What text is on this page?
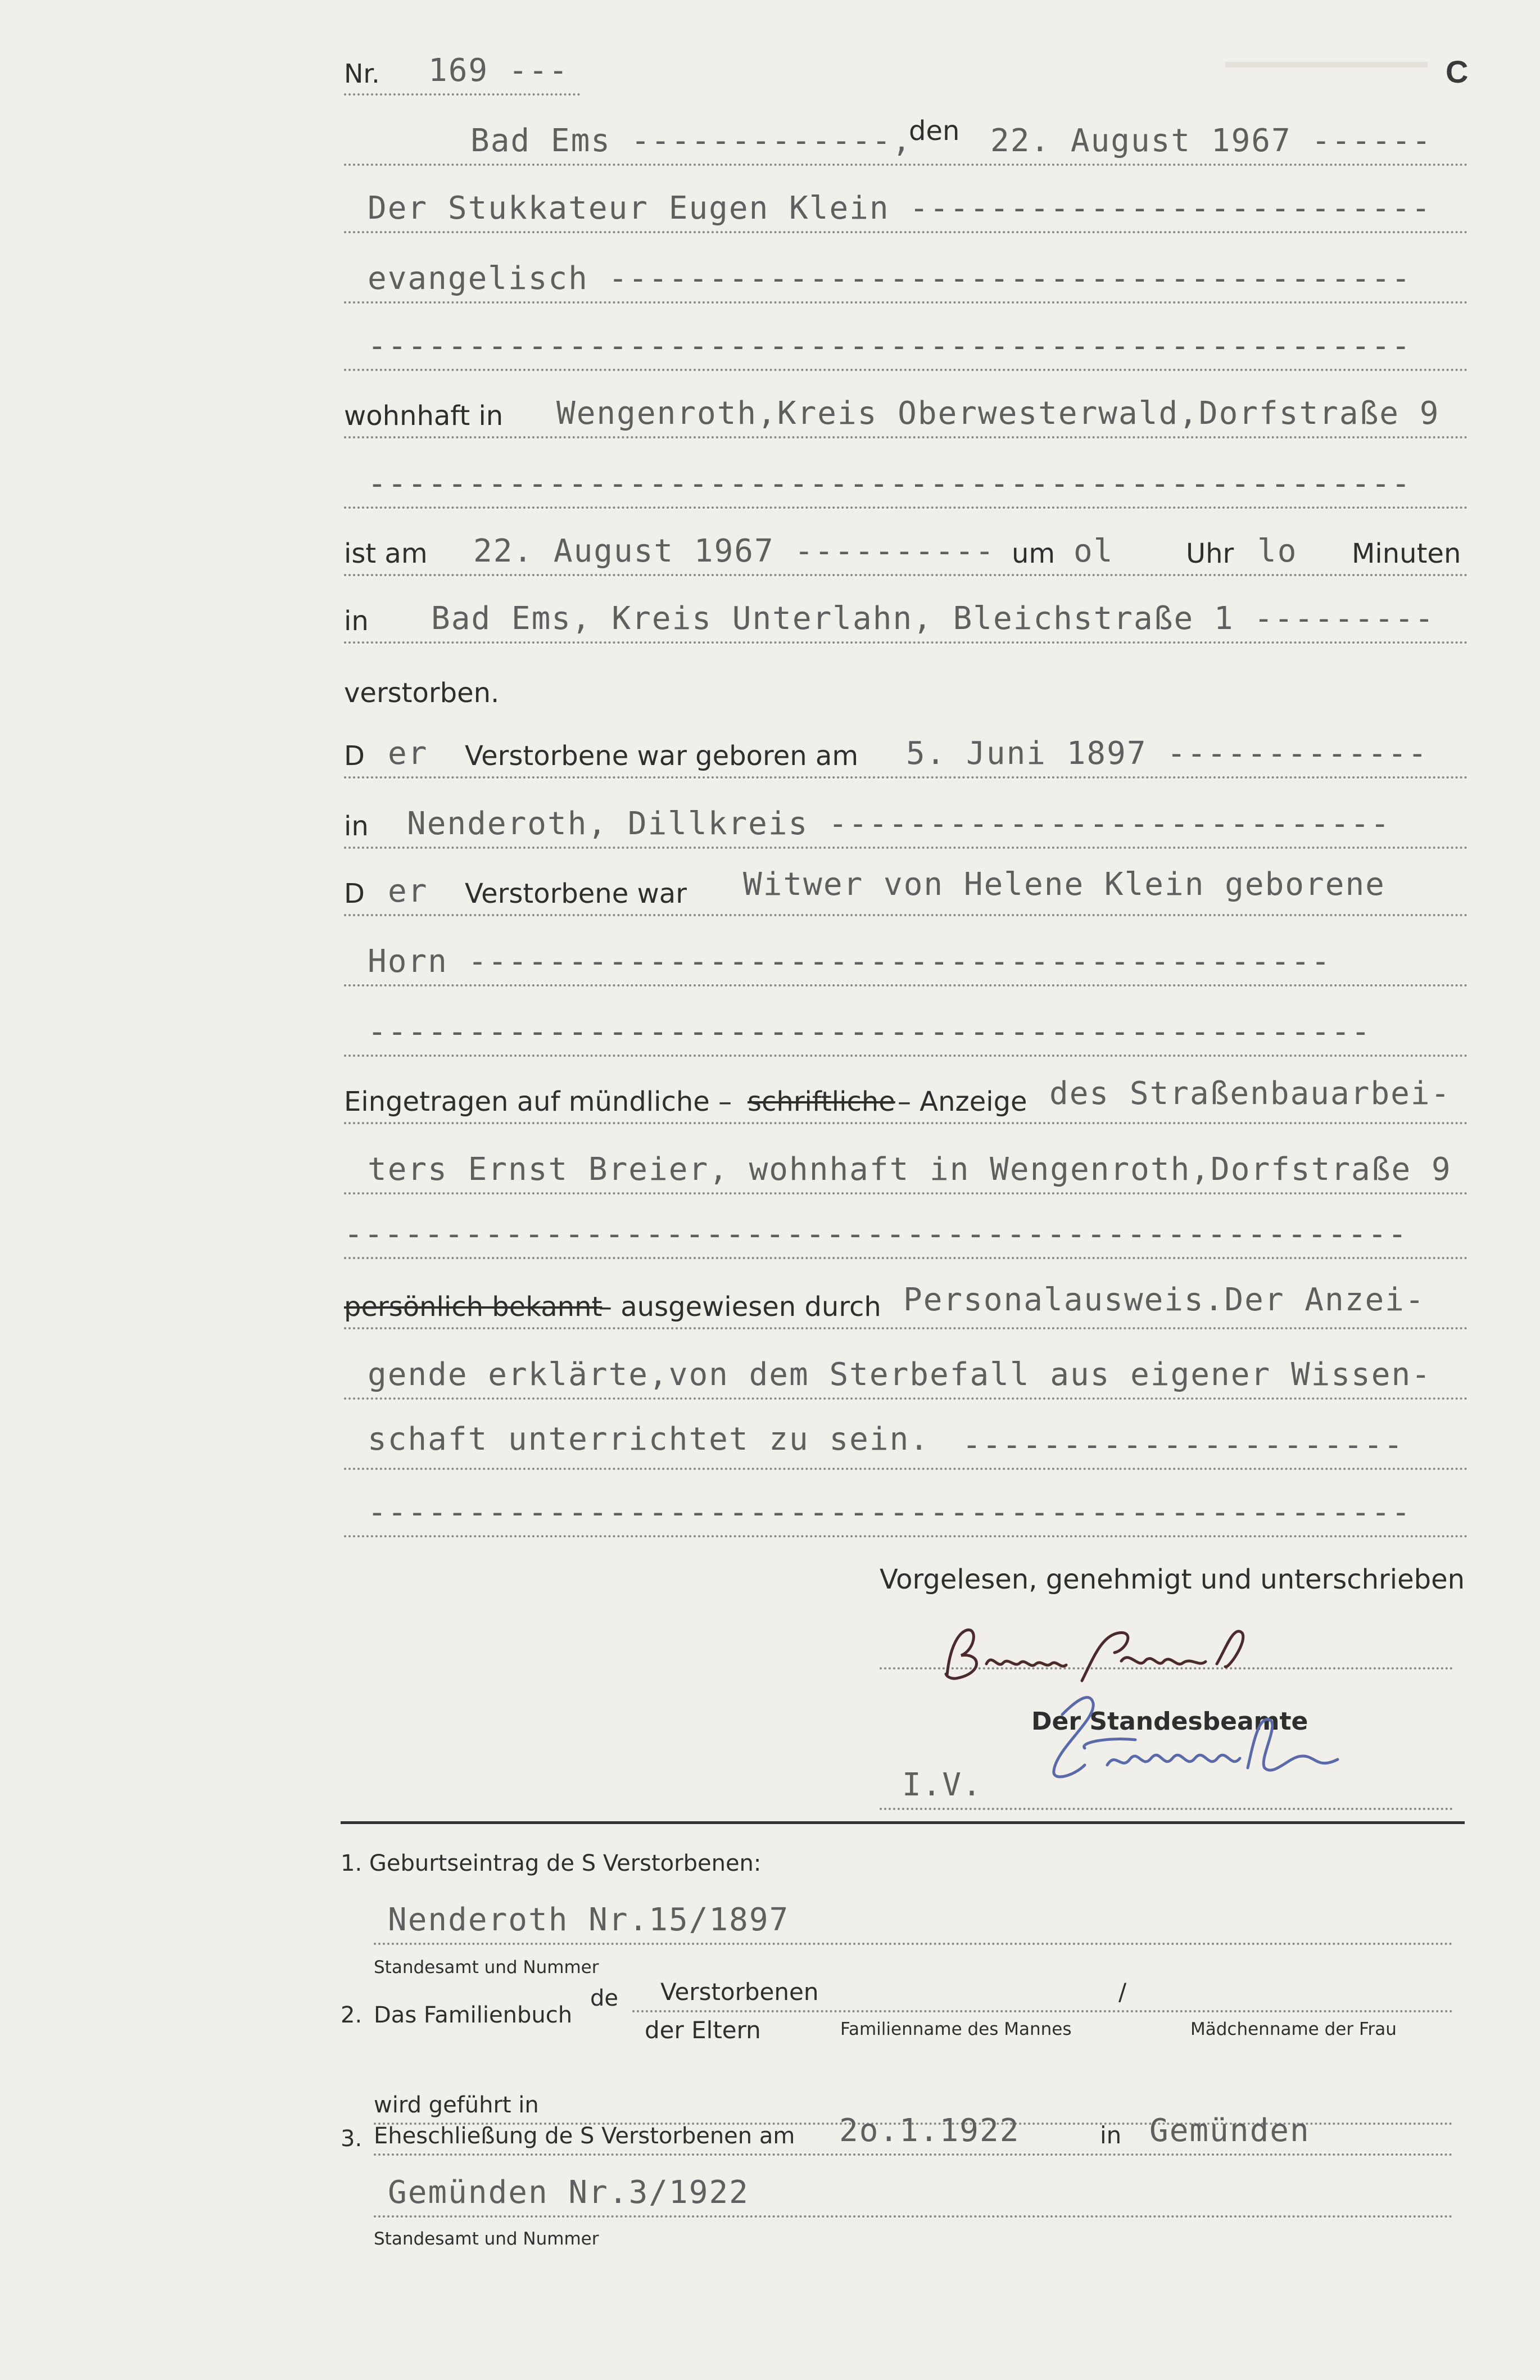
C
Nr. 169 ---
Bad Ems -------------,
den 22. August 1967 ------
Der Stukkateur Eugen Klein --------------------------
evangelisch ----------------------------------------
----------------------------------------------------
wohnhaft in Wengenroth,Kreis Oberwesterwald,Dorfstraße 9
----------------------------------------------------
ist am 22. August 1967 ---------- um ol	Uhr lo Minuten
in Bad Ems, Kreis Unterlahn, Bleichstraße 1 ---------
verstorben.
D er Verstorbene war geboren am 5. Juni 1897 -------------
in Nenderoth, Dillkreis ----------------------------
D er Verstorbene war Witwer von Helene Klein geborene
Horn -------------------------------------------
--------------------------------------------------
Eingetragen auf mündliche – schriftliche – Anzeige des Straßenbauarbei-
ters Ernst Breier, wohnhaft in Wengenroth,Dorfstraße 9
-----------------------------------------------------
persönlich bekannt
– ausgewiesen durch Personalausweis.Der Anzei-
gende erklärte,von dem Sterbefall aus eigener Wissen-
schaft unterrichtet zu sein. ----------------------
----------------------------------------------------
Vorgelesen, genehmigt und unterschrieben
Der Standesbeamte
I.V.
1. Geburtseintrag de S Verstorbenen:
Nenderoth Nr.15/1897
Standesamt und Nummer
2. Das Familienbuch
de Verstorbenen	/
der Eltern	Familienname des Mannes	Mädchenname der Frau
wird geführt in
3. Eheschließung de S Verstorbenen am 2o.1.1922	in Gemünden
Gemünden Nr.3/1922
Standesamt und Nummer
